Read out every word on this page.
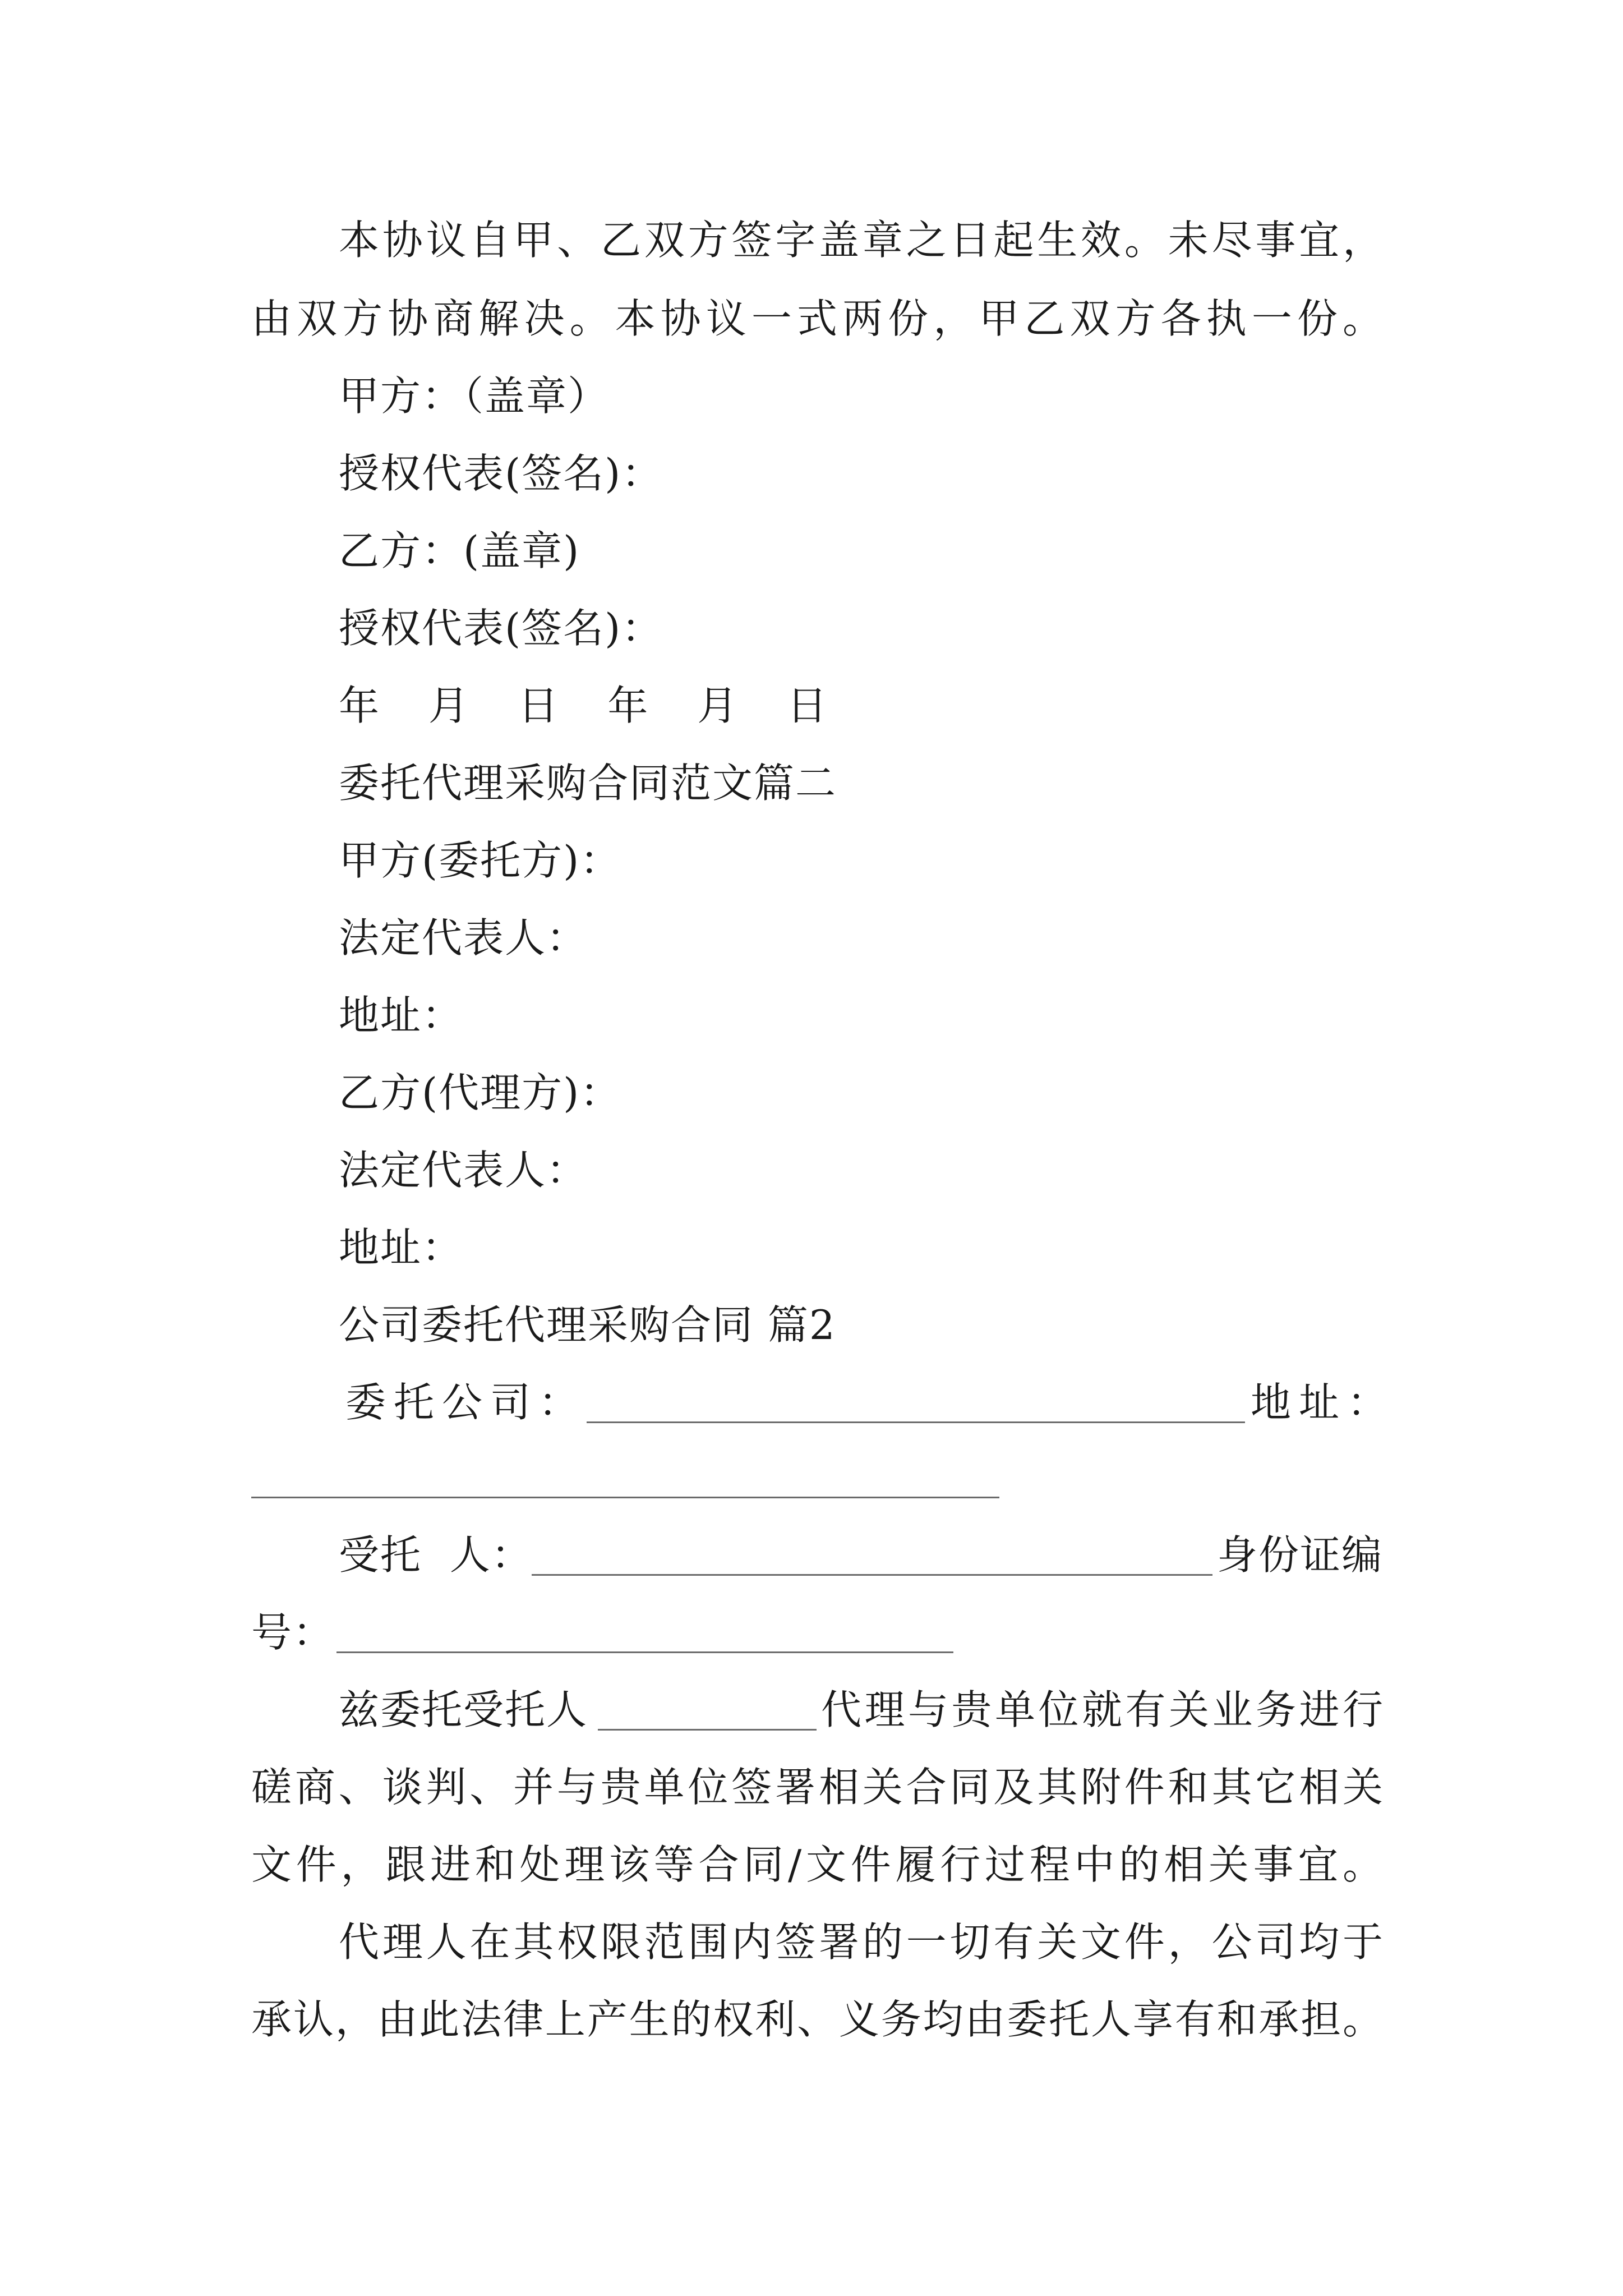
本协议自甲、乙双方签字盖章之日起生效。未尽事宜，
由双方协商解决。本协议一式两份，甲乙双方各执一份。
甲方：（盖章）
授权代表(签名)：
乙方：(盖章)
授权代表(签名)：
年  月  日  年  月  日
委托代理采购合同范文篇二
甲方(委托方)：
法定代表人：
地址：
乙方(代理方)：
法定代表人：
地址：
公司委托代理采购合同 篇2
委托公司：	地址：
受托  人：	身份证编
号：
兹委托受托人	代理与贵单位就有关业务进行
磋商、谈判、并与贵单位签署相关合同及其附件和其它相关
文件，跟进和处理该等合同/文件履行过程中的相关事宜。
代理人在其权限范围内签署的一切有关文件，公司均于
承认，由此法律上产生的权利、义务均由委托人享有和承担。
